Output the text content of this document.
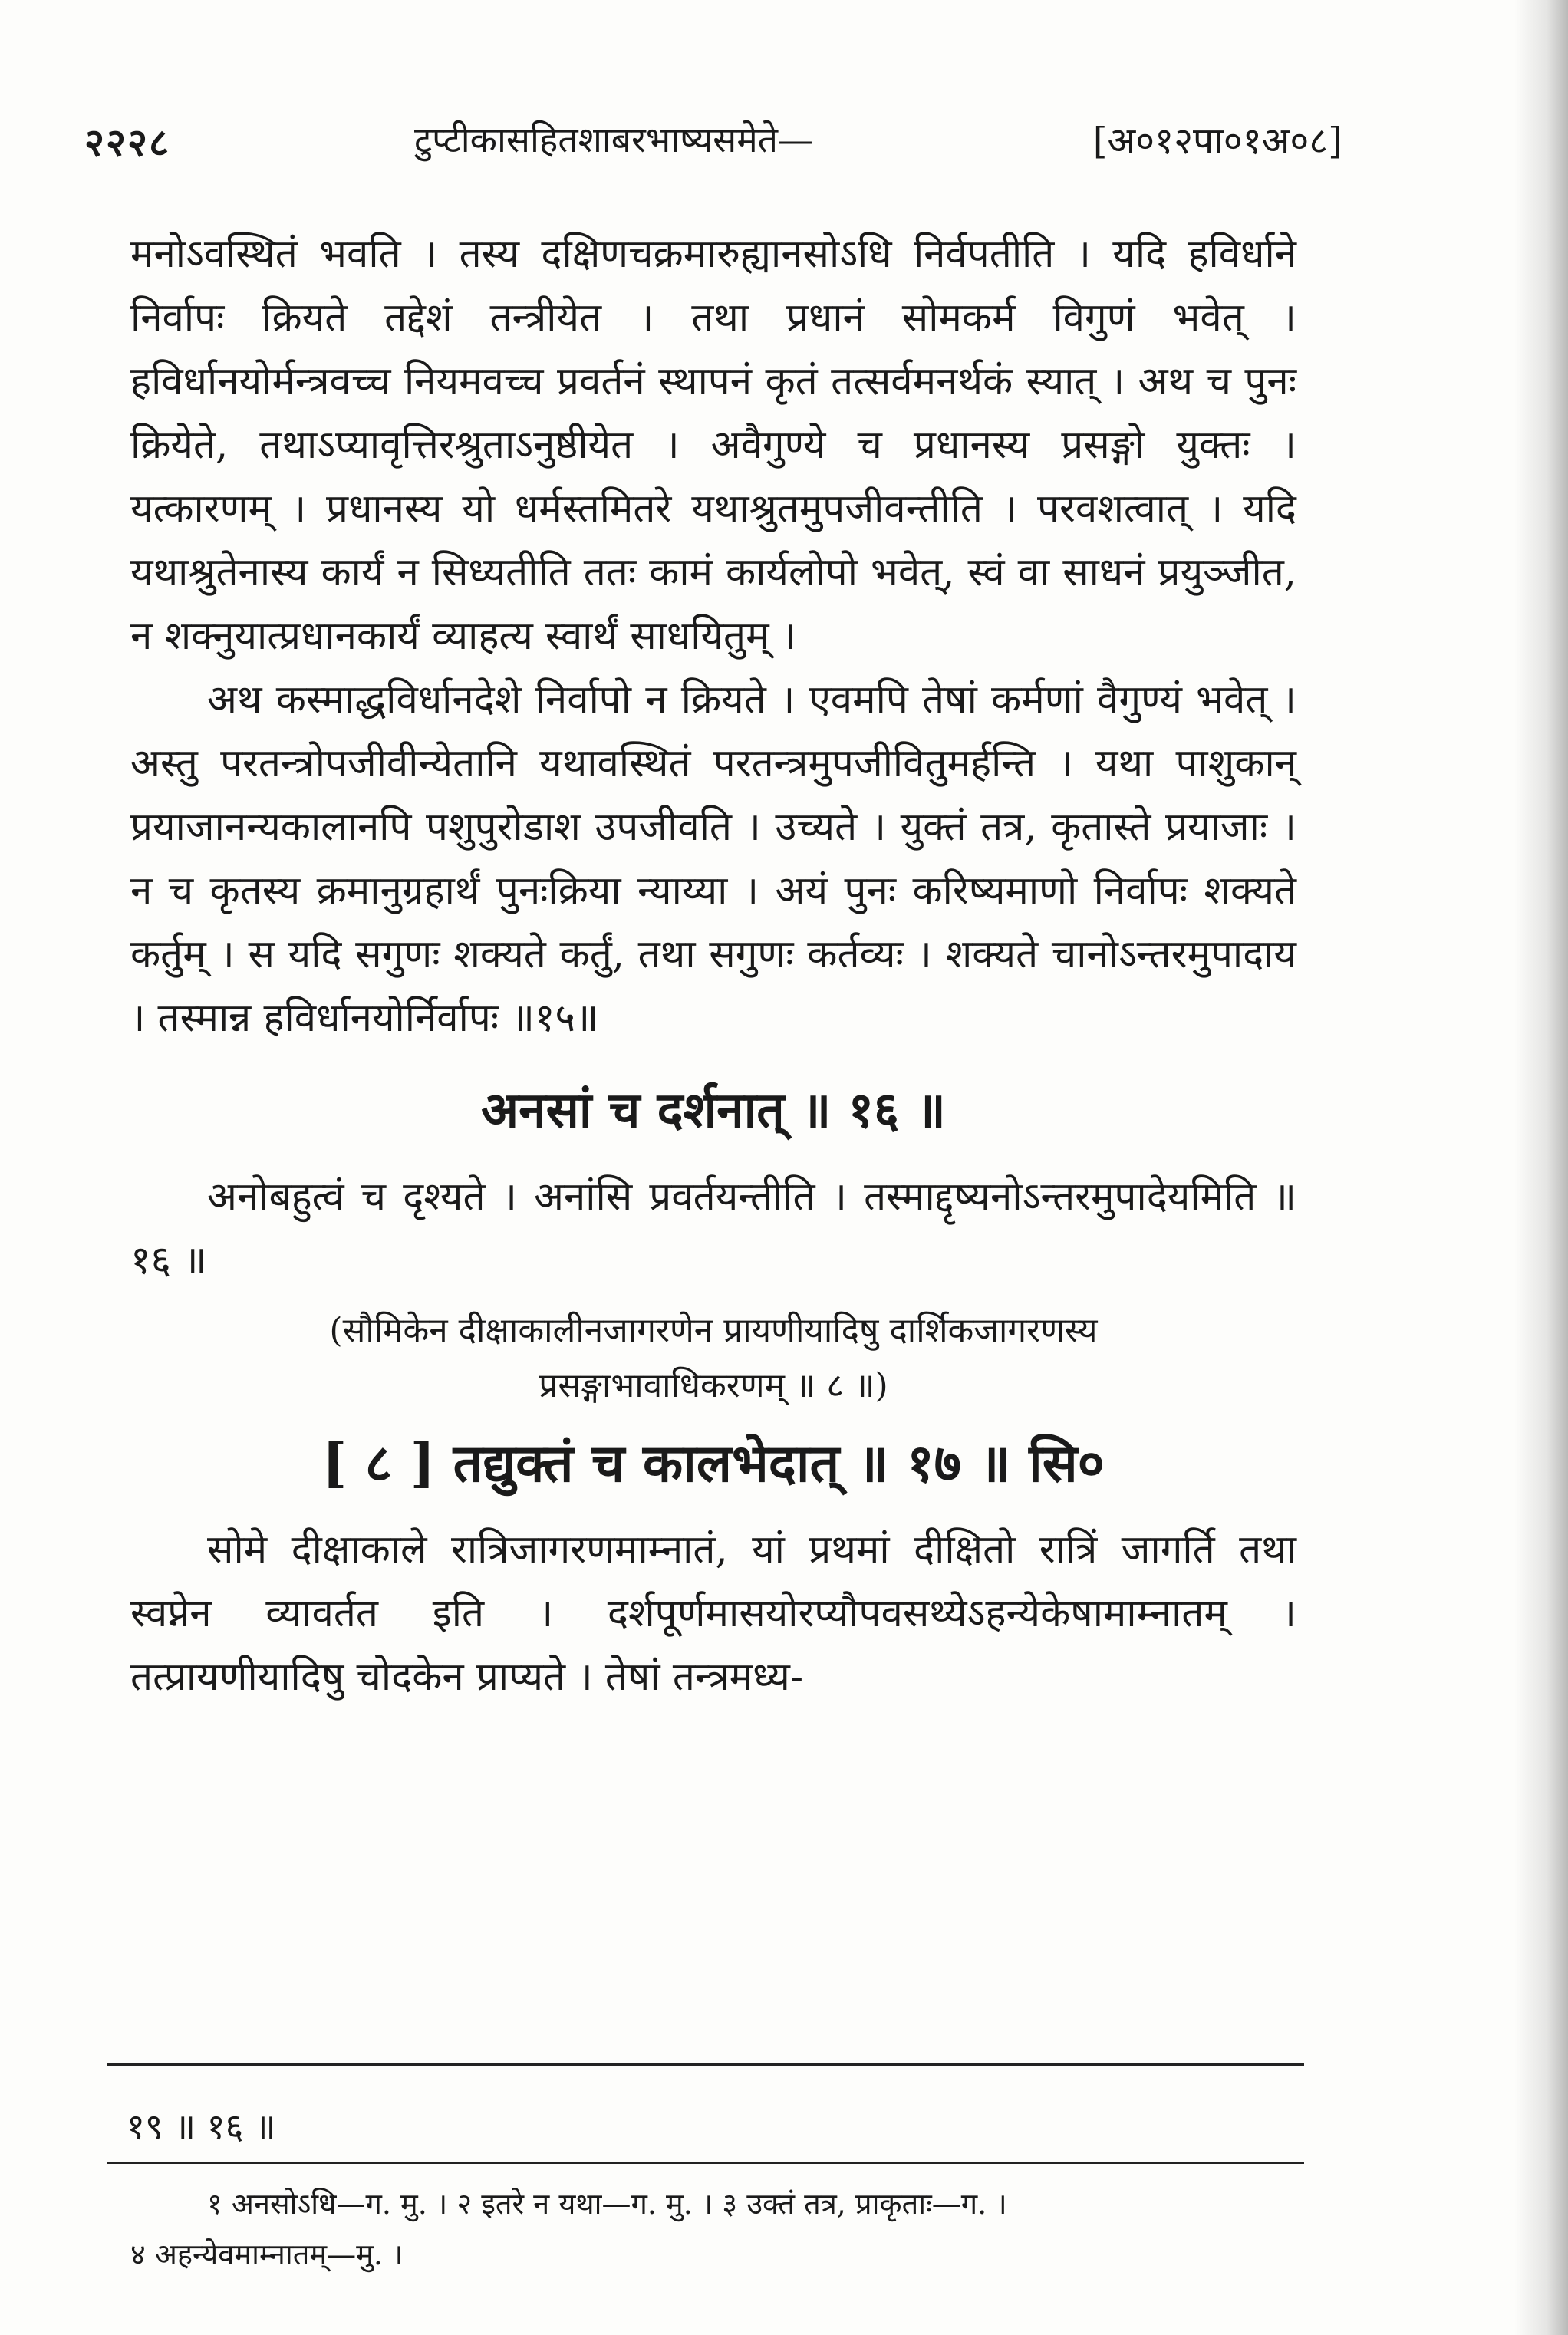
२२२८	टुप्टीकासहितशाबरभाष्यसमेते—	[अ०१२पा०१अ०८]

मनोऽवस्थितं भवति । तस्य दक्षिणचक्रमारुह्यानसोऽधि निर्वपतीति । यदि हविर्धाने निर्वापः क्रियते तद्देशं तन्त्रीयेत । तथा प्रधानं सोमकर्म विगुणं भवेत् । हविर्धानयोर्मन्त्रवच्च नियमवच्च प्रवर्तनं स्थापनं कृतं तत्सर्वमनर्थकं स्यात् । अथ च पुनः क्रियेते, तथाऽप्यावृत्तिरश्रुताऽनुष्ठीयेत । अवैगुण्ये च प्रधानस्य प्रसङ्गो युक्तः । यत्कारणम् । प्रधानस्य यो धर्मस्तमितरे यथाश्रुतमुपजीवन्तीति । परवशत्वात् । यदि यथाश्रुतेनास्य कार्यं न सिध्यतीति ततः कामं कार्यलोपो भवेत्, स्वं वा साधनं प्रयुञ्जीत, न शक्नुयात्प्रधानकार्यं व्याहत्य स्वार्थं साधयितुम् ।

अथ कस्माद्धविर्धानदेशे निर्वापो न क्रियते । एवमपि तेषां कर्मणां वैगुण्यं भवेत् । अस्तु परतन्त्रोपजीवीन्येतानि यथावस्थितं परतन्त्रमुपजीवितुमर्हन्ति । यथा पाशुकान् प्रयाजानन्यकालानपि पशुपुरोडाश उपजीवति । उच्यते । युक्तं तत्र, कृतास्ते प्रयाजाः । न च कृतस्य क्रमानुग्रहार्थं पुनःक्रिया न्याय्या । अयं पुनः करिष्यमाणो निर्वापः शक्यते कर्तुम् । स यदि सगुणः शक्यते कर्तुं, तथा सगुणः कर्तव्यः । शक्यते चानोऽन्तरमुपादाय । तस्मान्न हविर्धानयोर्निर्वापः ॥१५॥

अनसां च दर्शनात् ॥ १६ ॥

अनोबहुत्वं च दृश्यते । अनांसि प्रवर्तयन्तीति । तस्माद्दृष्यनोऽन्तरमुपादेयमिति ॥ १६ ॥

(सौमिकेन दीक्षाकालीनजागरणेन प्रायणीयादिषु दार्शिकजागरणस्य
प्रसङ्गाभावाधिकरणम् ॥ ८ ॥)
[ ८ ] तद्युक्तं च कालभेदात् ॥ १७ ॥ सि०

सोमे दीक्षाकाले रात्रिजागरणमाम्नातं, यां प्रथमां दीक्षितो रात्रिं जागर्ति तथा स्वप्नेन व्यावर्तत इति । दर्शपूर्णमासयोरप्यौपवसथ्येऽहन्येकेषामाम्नातम् । तत्प्रायणीयादिषु चोदकेन प्राप्यते । तेषां तन्त्रमध्य-

१९ ॥ १६ ॥
१ अनसोऽधि—ग. मु. । २ इतरे न यथा—ग. मु. । ३ उक्तं तत्र, प्राकृताः—ग. ।
४ अहन्येवमाम्नातम्—मु. ।
